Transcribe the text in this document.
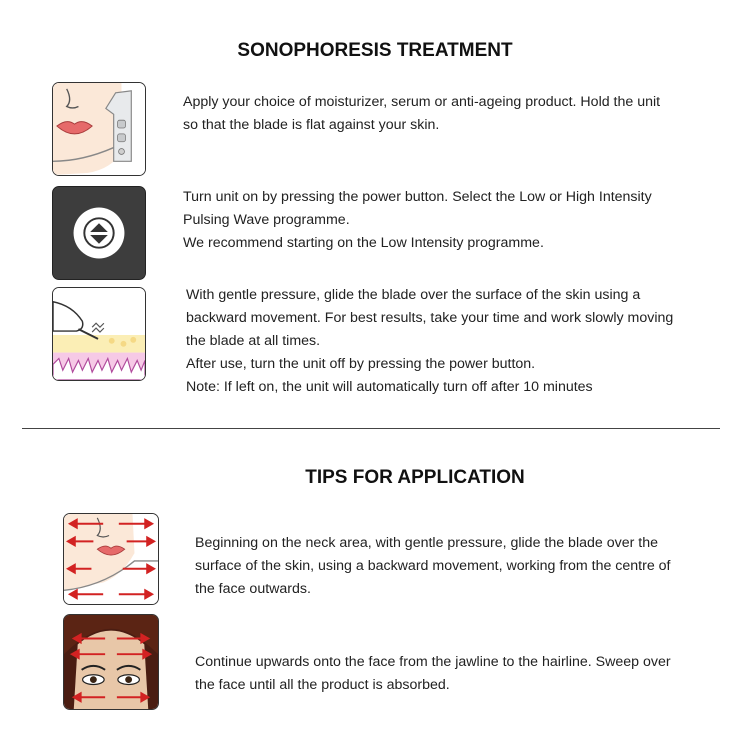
SONOPHORESIS TREATMENT

Apply your choice of moisturizer, serum or anti-ageing product. Hold the unit

so that the blade is flat against your skin.

Turn unit on by pressing the power button. Select the Low or High Intensity

Pulsing Wave programme.

We recommend starting on the Low Intensity programme.

With gentle pressure, glide the blade over the surface of the skin using a

backward movement. For best results, take your time and work slowly moving

the blade at all times.

After use, turn the unit off by pressing the power button.

Note: If left on, the unit will automatically turn off after 10 minutes

TIPS FOR APPLICATION

Beginning on the neck area, with gentle pressure, glide the blade over the

surface of the skin, using a backward movement, working from the centre of

the face outwards.

Continue upwards onto the face from the jawline to the hairline. Sweep over

the face until all the product is absorbed.
